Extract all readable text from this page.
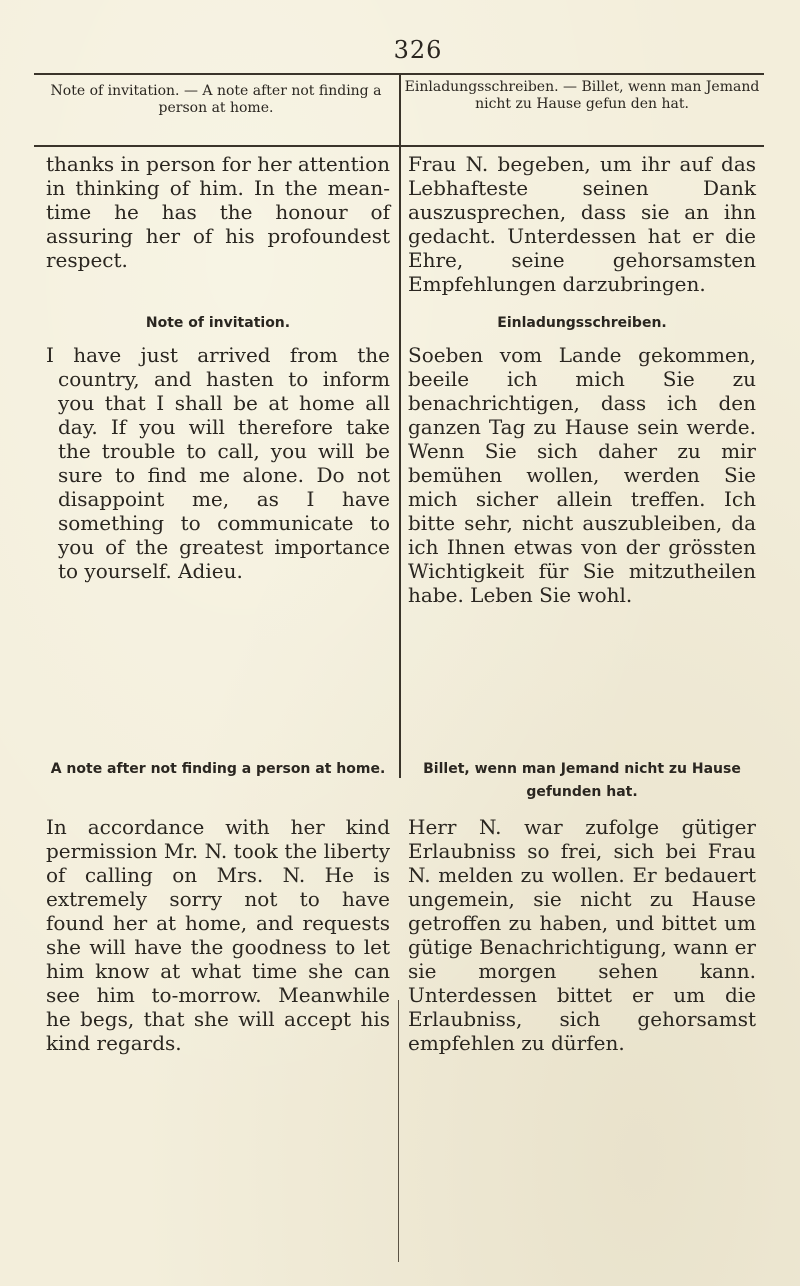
326
Note of invitation. — A note after not finding a person at home.
Einladungsschreiben. — Billet, wenn man Jemand nicht zu Hause gefun den hat.

thanks in person for her attention in thinking of him. In the mean-time he has the honour of assuring her of his profoundest respect.

Frau N. begeben, um ihr auf das Lebhafteste seinen Dank auszusprechen, dass sie an ihn gedacht. Unterdessen hat er die Ehre, seine gehorsamsten Empfehlungen darzubringen.

Note of invitation.	Einladungsschreiben.

I have just arrived from the country, and hasten to inform you that I shall be at home all day. If you will therefore take the trouble to call, you will be sure to find me alone. Do not disappoint me, as I have something to communicate to you of the greatest importance to yourself. Adieu.

Soeben vom Lande gekommen, beeile ich mich Sie zu benachrichtigen, dass ich den ganzen Tag zu Hause sein werde. Wenn Sie sich daher zu mir bemühen wollen, werden Sie mich sicher allein treffen. Ich bitte sehr, nicht auszubleiben, da ich Ihnen etwas von der grössten Wichtigkeit für Sie mitzutheilen habe. Leben Sie wohl.

A note after not finding a person at home.	Billet, wenn man Jemand nicht zu Hause gefunden hat.

In accordance with her kind permission Mr. N. took the liberty of calling on Mrs. N. He is extremely sorry not to have found her at home, and requests she will have the goodness to let him know at what time she can see him to-morrow. Meanwhile he begs, that she will accept his kind regards.

Herr N. war zufolge gütiger Erlaubniss so frei, sich bei Frau N. melden zu wollen. Er bedauert ungemein, sie nicht zu Hause getroffen zu haben, und bittet um gütige Benachrichtigung, wann er sie morgen sehen kann. Unterdessen bittet er um die Erlaubniss, sich gehorsamst empfehlen zu dürfen.
